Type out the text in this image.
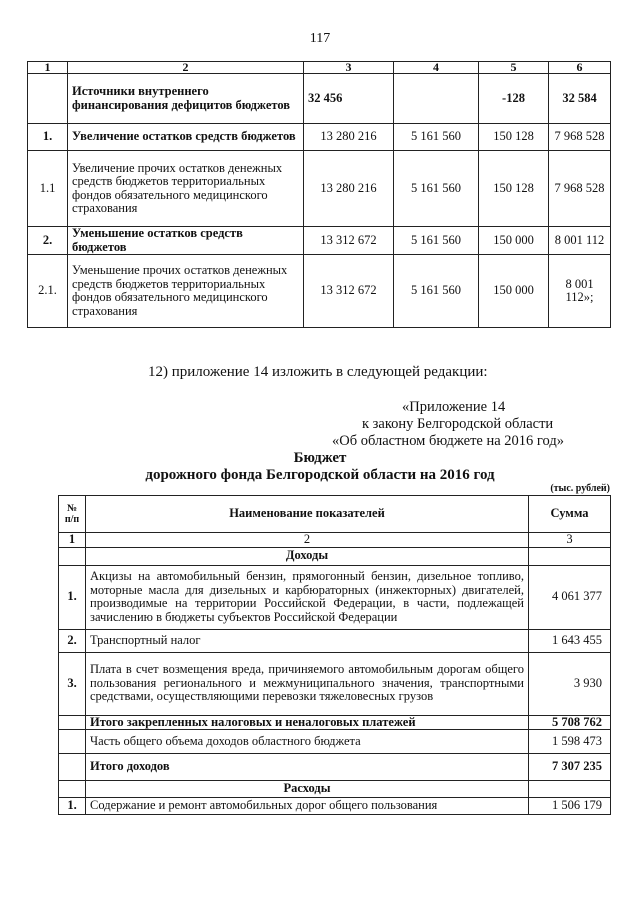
117
1	2	3	4	5	6
	Источники внутреннего финансирования дефицитов бюджетов	32 456		-128	32 584
1.	Увеличение остатков средств бюджетов	13 280 216	5 161 560	150 128	7 968 528
1.1	Увеличение прочих остатков денежных средств бюджетов территориальных фондов обязательного медицинского страхования	13 280 216	5 161 560	150 128	7 968 528
2.	Уменьшение остатков средств бюджетов	13 312 672	5 161 560	150 000	8 001 112
2.1.	Уменьшение прочих остатков денежных средств бюджетов территориальных фондов обязательного медицинского страхования	13 312 672	5 161 560	150 000	8 001 112»;
12) приложение 14 изложить в следующей редакции:
«Приложение 14
к закону Белгородской области
«Об областном бюджете на 2016 год»
Бюджет
дорожного фонда Белгородской области на 2016 год
(тыс. рублей)
№ п/п	Наименование показателей	Сумма
1	2	3
	Доходы	
1.	Акцизы на автомобильный бензин, прямогонный бензин, дизельное топливо, моторные масла для дизельных и карбюраторных (инжекторных) двигателей, производимые на территории Российской Федерации, в части, подлежащей зачислению в бюджеты субъектов Российской Федерации	4 061 377
2.	Транспортный налог	1 643 455
3.	Плата в счет возмещения вреда, причиняемого автомобильным дорогам общего пользования регионального и межмуниципального значения, транспортными средствами, осуществляющими перевозки тяжеловесных грузов	3 930
	Итого закрепленных налоговых и неналоговых платежей	5 708 762
	Часть общего объема доходов областного бюджета	1 598 473
	Итого доходов	7 307 235
	Расходы	
1.	Содержание и ремонт автомобильных дорог общего пользования	1 506 179
